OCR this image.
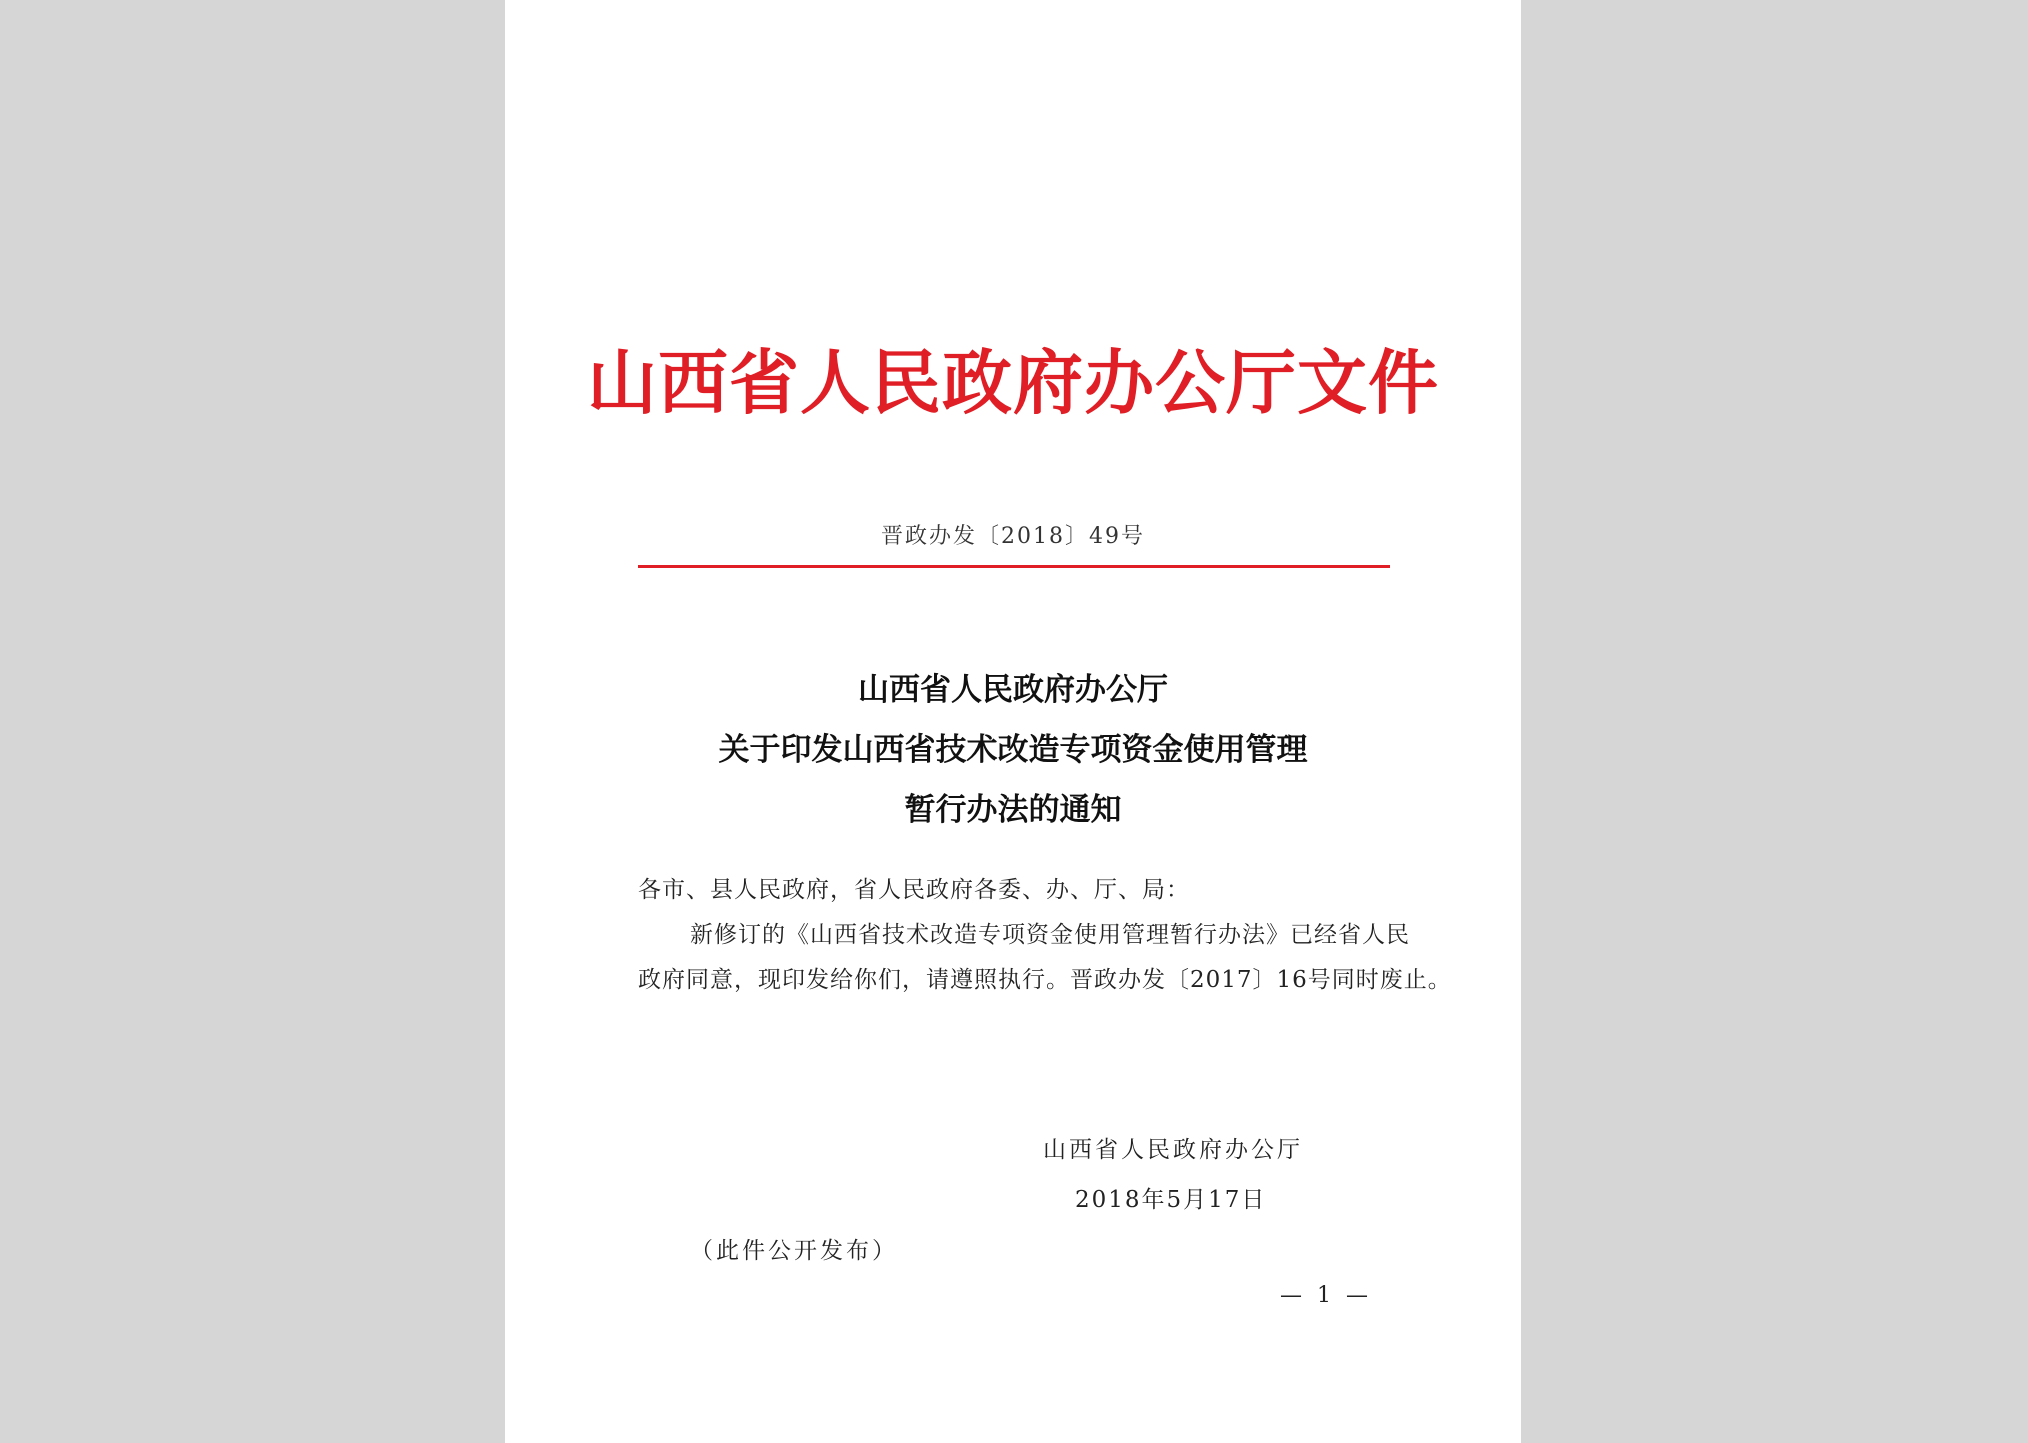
山西省人民政府办公厅文件
晋政办发〔2018〕49号
山西省人民政府办公厅
关于印发山西省技术改造专项资金使用管理
暂行办法的通知

各市、县人民政府，省人民政府各委、办、厅、局：

新修订的《山西省技术改造专项资金使用管理暂行办法》已经省人民

政府同意，现印发给你们，请遵照执行。晋政办发〔2017〕16号同时废止。

山西省人民政府办公厅
2018年5月17日
（此件公开发布）
— 1 —
